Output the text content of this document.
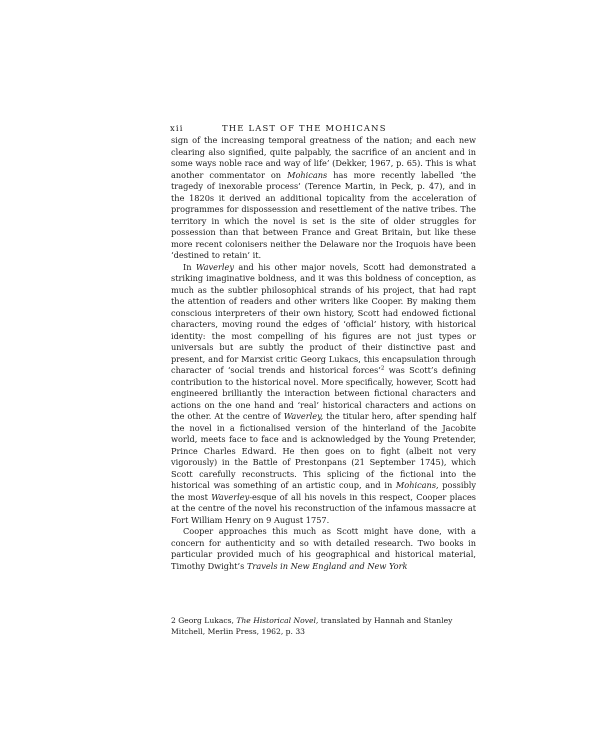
xii	THE LAST OF THE MOHICANS

sign of the increasing temporal greatness of the nation; and each new clearing also signified, quite palpably, the sacrifice of an ancient and in some ways noble race and way of life’ (Dekker, 1967, p. 65). This is what another commentator on Mohicans has more recently labelled ‘the tragedy of inexorable process’ (Terence Martin, in Peck, p. 47), and in the 1820s it derived an additional topicality from the acceleration of programmes for dispossession and resettlement of the native tribes. The territory in which the novel is set is the site of older struggles for possession than that between France and Great Britain, but like these more recent colonisers neither the Delaware nor the Iroquois have been ‘destined to retain’ it.

In Waverley and his other major novels, Scott had demonstrated a striking imaginative boldness, and it was this boldness of conception, as much as the subtler philosophical strands of his project, that had rapt the attention of readers and other writers like Cooper. By making them conscious interpreters of their own history, Scott had endowed fictional characters, moving round the edges of ‘official’ history, with historical identity: the most compelling of his figures are not just types or universals but are subtly the product of their distinctive past and present, and for Marxist critic Georg Lukacs, this encapsulation through character of ‘social trends and historical forces’$^2$ was Scott’s defining contribution to the historical novel. More specifically, however, Scott had engineered brilliantly the interaction between fictional characters and actions on the one hand and ‘real’ historical characters and actions on the other. At the centre of Waverley, the titular hero, after spending half the novel in a fictionalised version of the hinterland of the Jacobite world, meets face to face and is acknowledged by the Young Pretender, Prince Charles Edward. He then goes on to fight (albeit not very vigorously) in the Battle of Prestonpans (21 September 1745), which Scott carefully reconstructs. This splicing of the fictional into the historical was something of an artistic coup, and in Mohicans, possibly the most Waverley-esque of all his novels in this respect, Cooper places at the centre of the novel his reconstruction of the infamous massacre at Fort William Henry on 9 August 1757.

Cooper approaches this much as Scott might have done, with a concern for authenticity and so with detailed research. Two books in particular provided much of his geographical and historical material, Timothy Dwight’s Travels in New England and New York

2 Georg Lukacs, The Historical Novel, translated by Hannah and Stanley Mitchell, Merlin Press, 1962, p. 33
